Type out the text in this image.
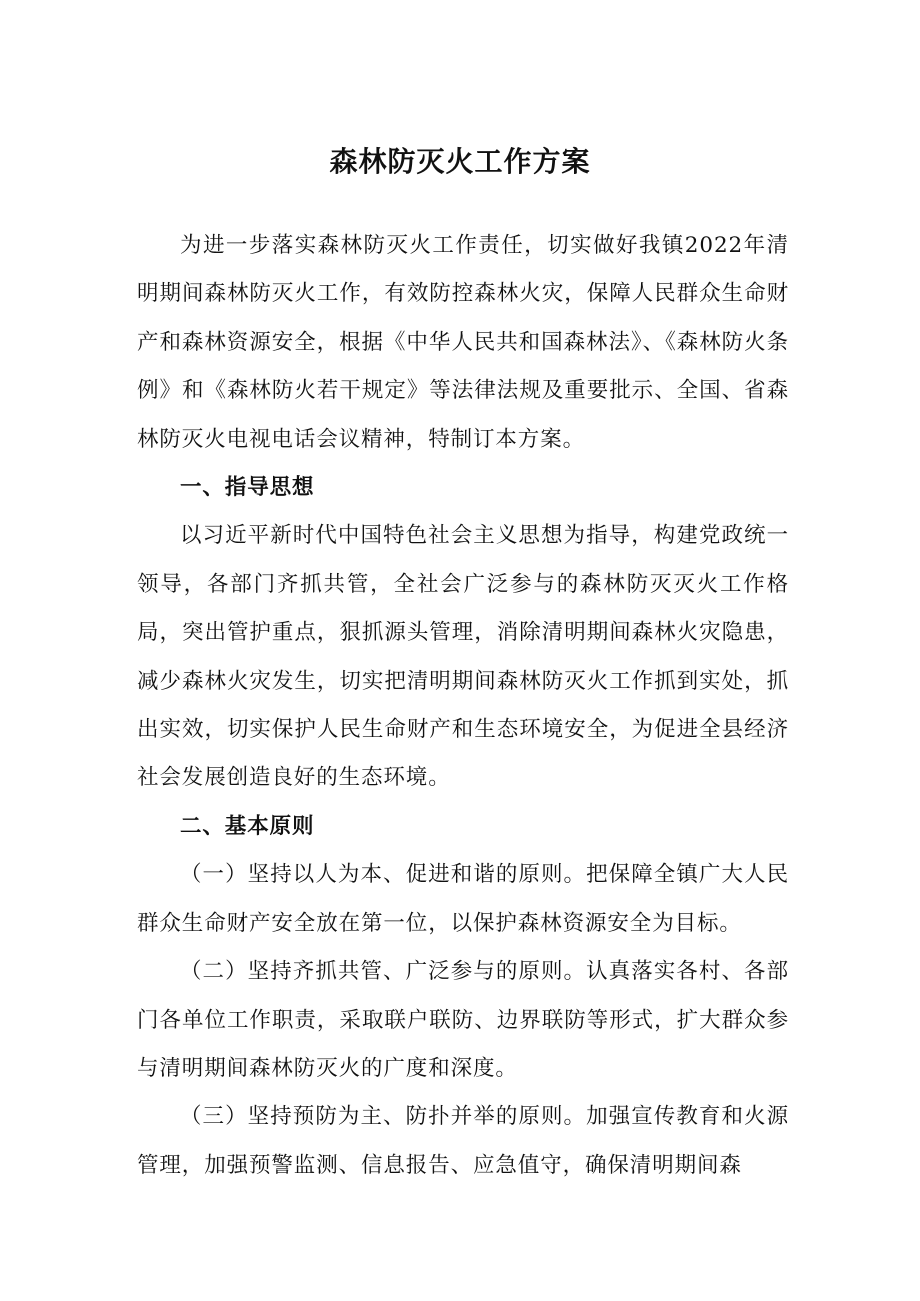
森林防灭火工作方案

为进一步落实森林防灭火工作责任，切实做好我镇2022年清明期间森林防灭火工作，有效防控森林火灾，保障人民群众生命财产和森林资源安全，根据《中华人民共和国森林法》、《森林防火条例》和《森林防火若干规定》等法律法规及重要批示、全国、省森林防灭火电视电话会议精神，特制订本方案。

一、指导思想

以习近平新时代中国特色社会主义思想为指导，构建党政统一领导，各部门齐抓共管，全社会广泛参与的森林防灭灭火工作格局，突出管护重点，狠抓源头管理，消除清明期间森林火灾隐患，减少森林火灾发生，切实把清明期间森林防灭火工作抓到实处，抓出实效，切实保护人民生命财产和生态环境安全，为促进全县经济社会发展创造良好的生态环境。

二、基本原则

（一）坚持以人为本、促进和谐的原则。把保障全镇广大人民群众生命财产安全放在第一位，以保护森林资源安全为目标。

（二）坚持齐抓共管、广泛参与的原则。认真落实各村、各部门各单位工作职责，采取联户联防、边界联防等形式，扩大群众参与清明期间森林防灭火的广度和深度。

（三）坚持预防为主、防扑并举的原则。加强宣传教育和火源管理，加强预警监测、信息报告、应急值守，确保清明期间森
